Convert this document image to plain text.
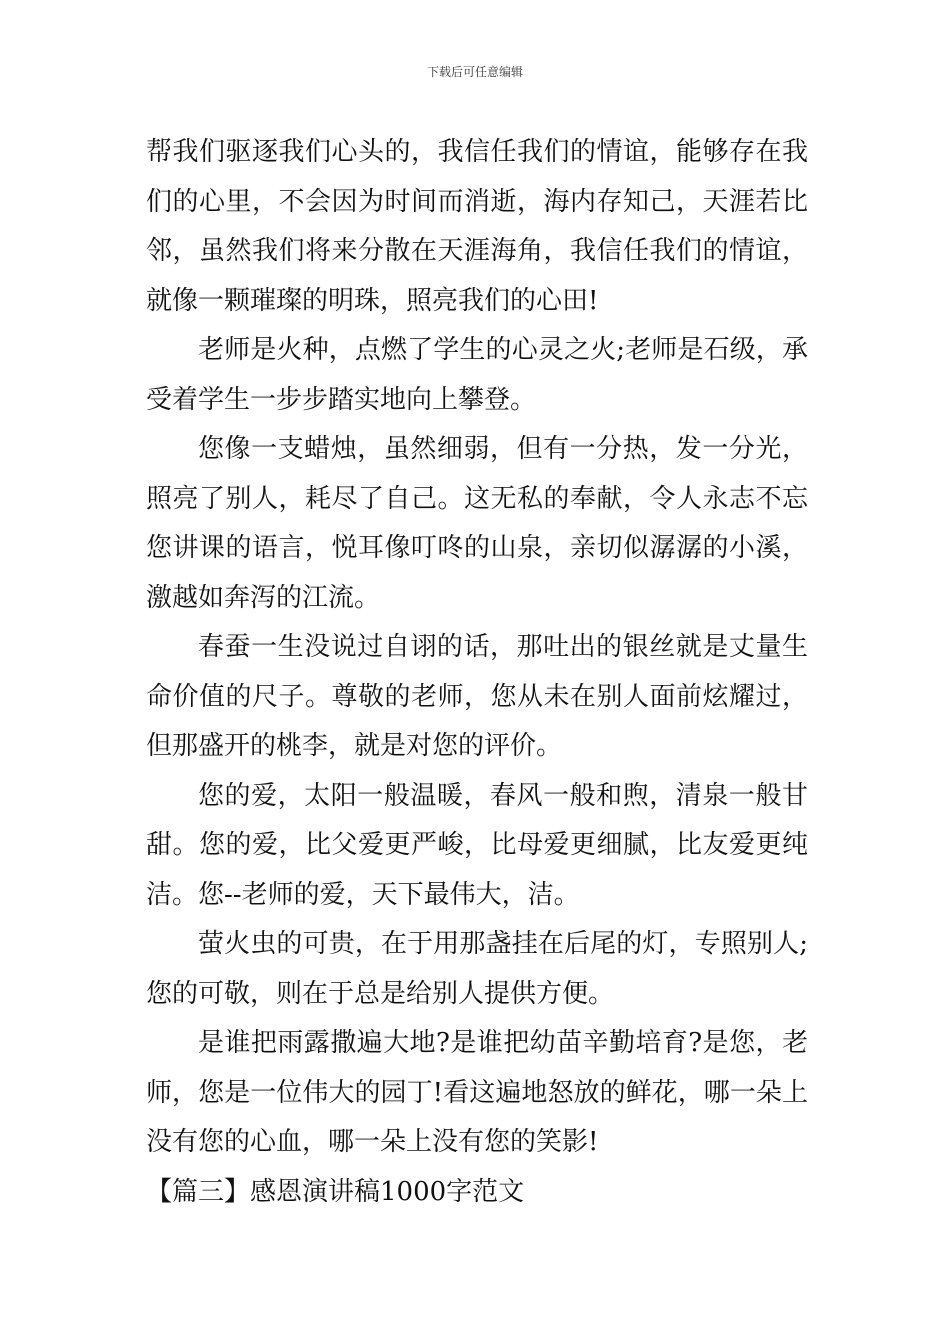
下载后可任意编辑

帮我们驱逐我们心头的，我信任我们的情谊，能够存在我们的心里，不会因为时间而消逝，海内存知己，天涯若比邻，虽然我们将来分散在天涯海角，我信任我们的情谊，就像一颗璀璨的明珠，照亮我们的心田!

老师是火种，点燃了学生的心灵之火;老师是石级，承受着学生一步步踏实地向上攀登。

您像一支蜡烛，虽然细弱，但有一分热，发一分光，照亮了别人，耗尽了自己。这无私的奉献，令人永志不忘您讲课的语言，悦耳像叮咚的山泉，亲切似潺潺的小溪，激越如奔泻的江流。

春蚕一生没说过自诩的话，那吐出的银丝就是丈量生命价值的尺子。尊敬的老师，您从未在别人面前炫耀过，但那盛开的桃李，就是对您的评价。

您的爱，太阳一般温暖，春风一般和煦，清泉一般甘甜。您的爱，比父爱更严峻，比母爱更细腻，比友爱更纯洁。您--老师的爱，天下最伟大，洁。

萤火虫的可贵，在于用那盏挂在后尾的灯，专照别人;您的可敬，则在于总是给别人提供方便。

是谁把雨露撒遍大地?是谁把幼苗辛勤培育?是您，老师，您是一位伟大的园丁!看这遍地怒放的鲜花，哪一朵上没有您的心血，哪一朵上没有您的笑影!

【篇三】感恩演讲稿1000字范文
